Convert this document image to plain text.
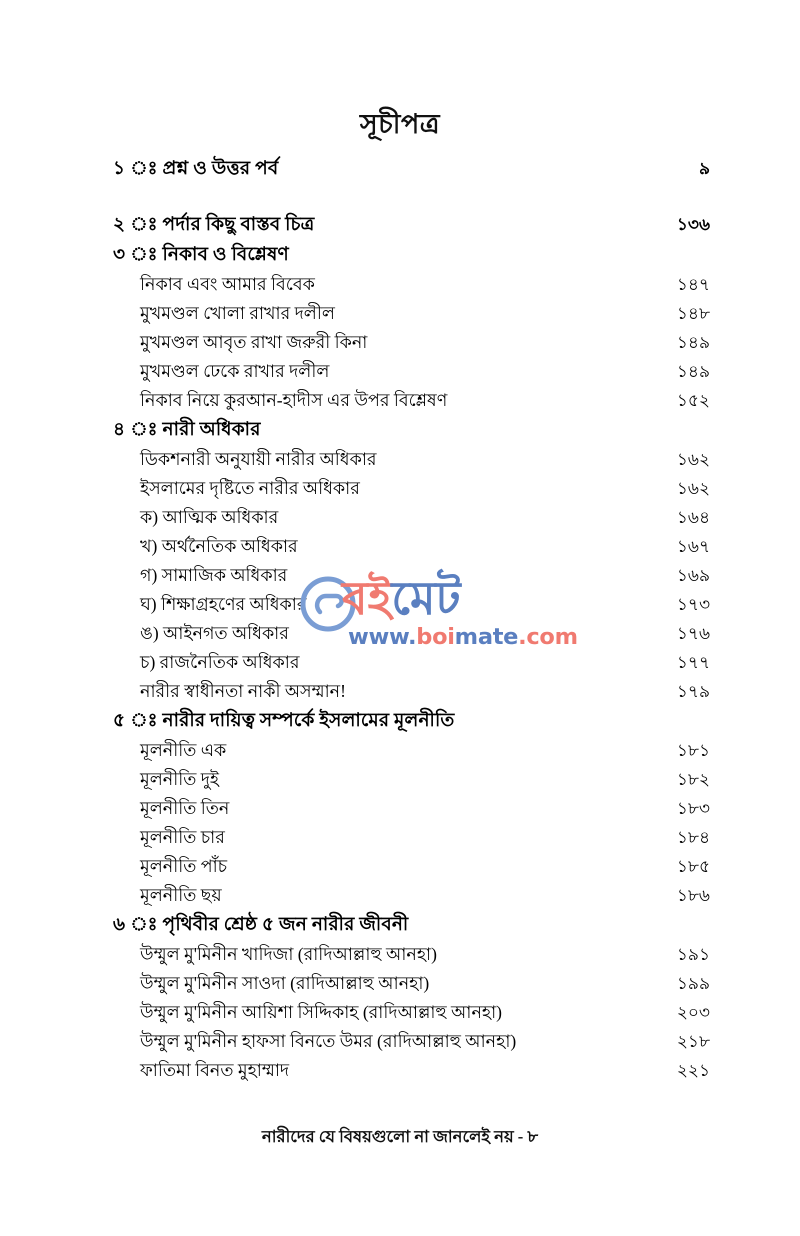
সূচীপত্র
১ ঃ প্রশ্ন ও উত্তর পর্ব	৯
২ ঃ পর্দার কিছু বাস্তব চিত্র	১৩৬
৩ ঃ নিকাব ও বিশ্লেষণ
নিকাব এবং আমার বিবেক	১৪৭
মুখমণ্ডল খোলা রাখার দলীল	১৪৮
মুখমণ্ডল আবৃত রাখা জরুরী কিনা	১৪৯
মুখমণ্ডল ঢেকে রাখার দলীল	১৪৯
নিকাব নিয়ে কুরআন-হাদীস এর উপর বিশ্লেষণ	১৫২
৪ ঃ নারী অধিকার
ডিকশনারী অনুযায়ী নারীর অধিকার	১৬২
ইসলামের দৃষ্টিতে নারীর অধিকার	১৬২
ক) আত্মিক অধিকার	১৬৪
খ) অর্থনৈতিক অধিকার	১৬৭
গ) সামাজিক অধিকার	১৬৯
ঘ) শিক্ষাগ্রহণের অধিকার	১৭৩
ঙ) আইনগত অধিকার	১৭৬
চ) রাজনৈতিক অধিকার	১৭৭
নারীর স্বাধীনতা নাকী অসম্মান!	১৭৯
৫ ঃ নারীর দায়িত্ব সম্পর্কে ইসলামের মূলনীতি
মূলনীতি এক	১৮১
মূলনীতি দুই	১৮২
মূলনীতি তিন	১৮৩
মূলনীতি চার	১৮৪
মূলনীতি পাঁচ	১৮৫
মূলনীতি ছয়	১৮৬
৬ ঃ পৃথিবীর শ্রেষ্ঠ ৫ জন নারীর জীবনী
উম্মুল মু'মিনীন খাদিজা (রাদিআল্লাহু আনহা)	১৯১
উম্মুল মু'মিনীন সাওদা (রাদিআল্লাহু আনহা)	১৯৯
উম্মুল মু'মিনীন আয়িশা সিদ্দিকাহ (রাদিআল্লাহু আনহা)	২০৩
উম্মুল মু'মিনীন হাফসা বিনতে উমর (রাদিআল্লাহু আনহা)	২১৮
ফাতিমা বিনত মুহাম্মাদ	২২১
বইমেট
www.boimate.com
নারীদের যে বিষয়গুলো না জানলেই নয় - ৮
